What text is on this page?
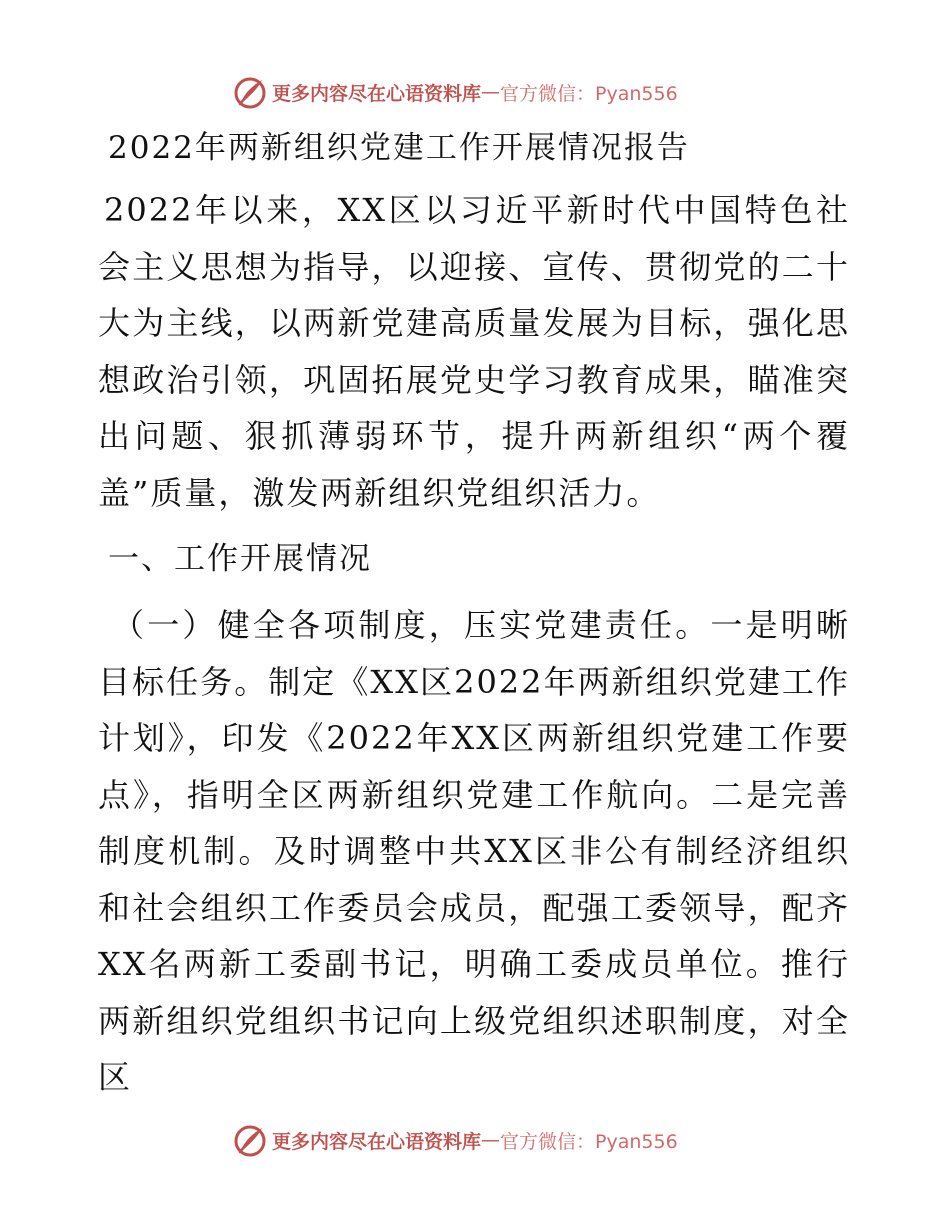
更多内容尽在心语资料库 — 官方微信：Pyan556
2022年两新组织党建工作开展情况报告

2022年以来，XX区以习近平新时代中国特色社会主义思想为指导，以迎接、宣传、贯彻党的二十大为主线，以两新党建高质量发展为目标，强化思想政治引领，巩固拓展党史学习教育成果，瞄准突出问题、狠抓薄弱环节，提升两新组织“两个覆盖”质量，激发两新组织党组织活力。

一、工作开展情况

（一）健全各项制度，压实党建责任。一是明晰目标任务。制定《XX区2022年两新组织党建工作计划》，印发《2022年XX区两新组织党建工作要点》，指明全区两新组织党建工作航向。二是完善制度机制。及时调整中共XX区非公有制经济组织和社会组织工作委员会成员，配强工委领导，配齐XX名两新工委副书记，明确工委成员单位。推行两新组织党组织书记向上级党组织述职制度，对全区

更多内容尽在心语资料库 — 官方微信：Pyan556
